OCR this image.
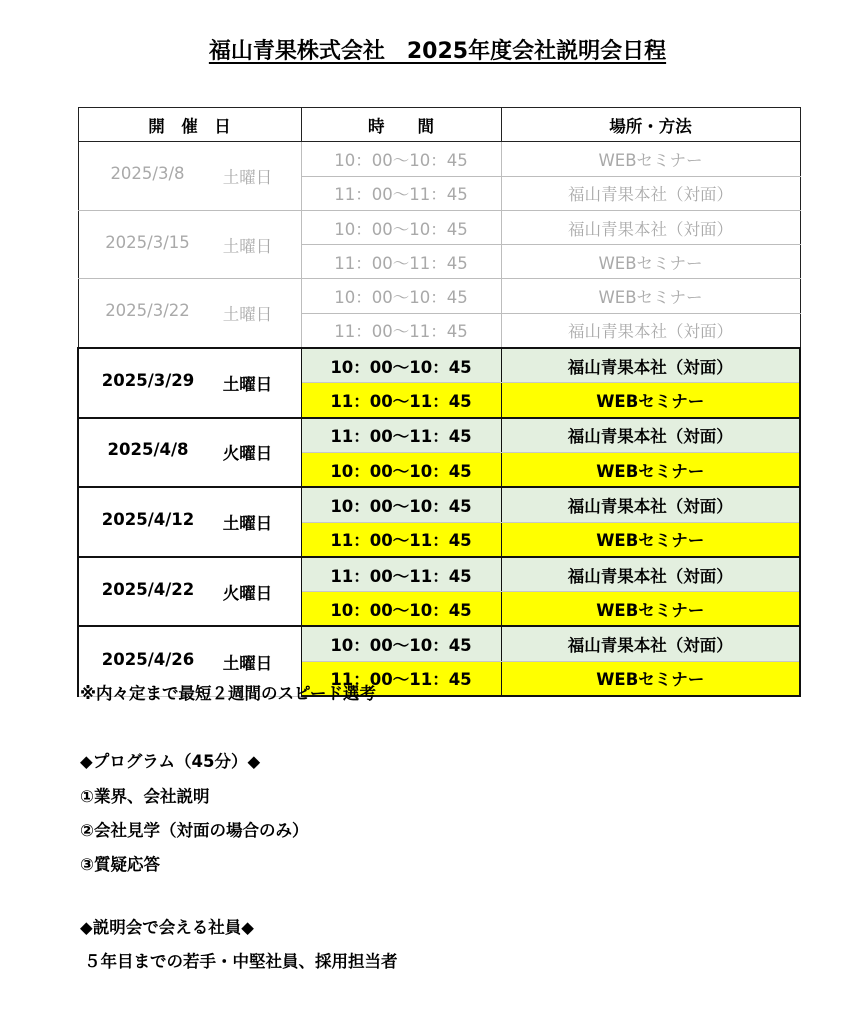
福山青果株式会社　2025年度会社説明会日程
開　催　日	時　　間	場所・方法

2025/3/8 土曜日	10：00～10：45	WEBセミナー
	11：00～11：45	福山青果本社（対面）

2025/3/15 土曜日	10：00～10：45	福山青果本社（対面）
	11：00～11：45	WEBセミナー

2025/3/22 土曜日	10：00～10：45	WEBセミナー
	11：00～11：45	福山青果本社（対面）

2025/3/29 土曜日	10：00～10：45	福山青果本社（対面）
	11：00～11：45	WEBセミナー

2025/4/8 火曜日	11：00～11：45	福山青果本社（対面）
	10：00～10：45	WEBセミナー

2025/4/12 土曜日	10：00～10：45	福山青果本社（対面）
	11：00～11：45	WEBセミナー

2025/4/22 火曜日	11：00～11：45	福山青果本社（対面）
	10：00～10：45	WEBセミナー

2025/4/26 土曜日	10：00～10：45	福山青果本社（対面）
	11：00～11：45	WEBセミナー
※内々定まで最短２週間のスピード選考
◆プログラム（45分）◆
①業界、会社説明
②会社見学（対面の場合のみ）
③質疑応答
◆説明会で会える社員◆
５年目までの若手・中堅社員、採用担当者
